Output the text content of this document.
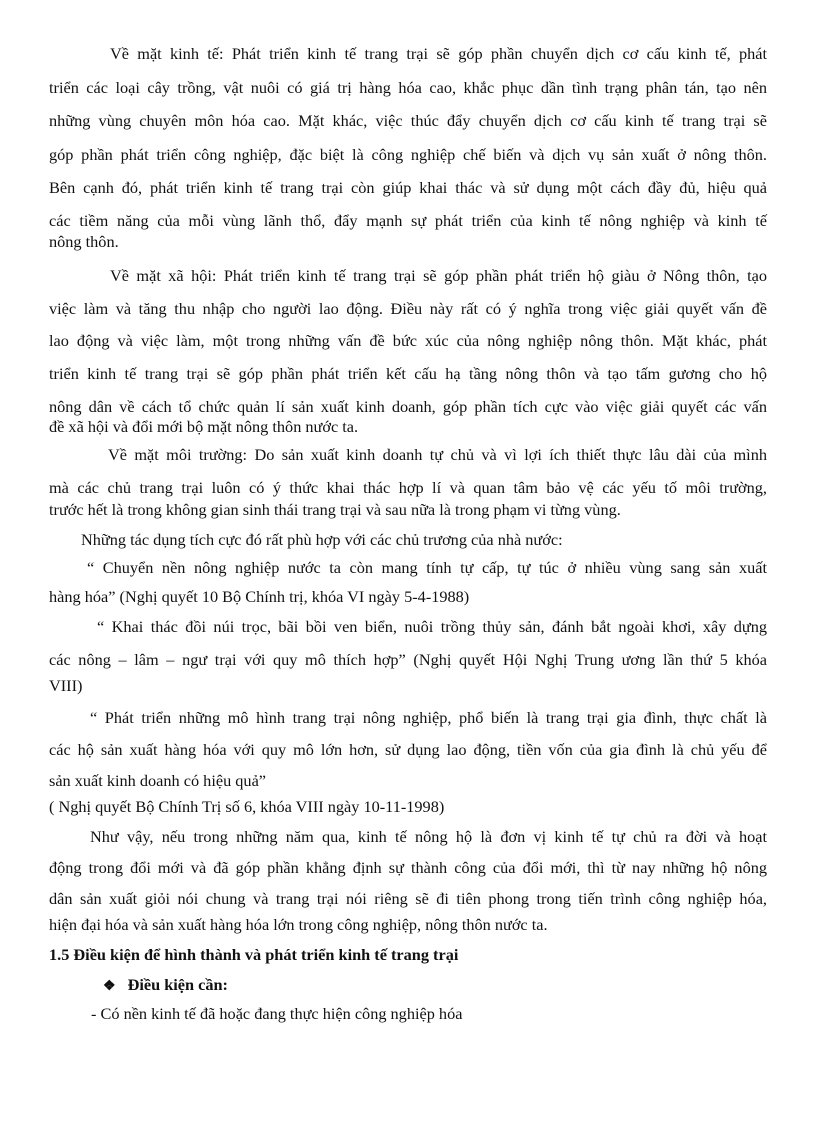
Về mặt kinh tế: Phát triển kinh tế trang trại sẽ góp phần chuyển dịch cơ cấu kinh tế, phát
triển các loại cây trồng, vật nuôi có giá trị hàng hóa cao, khắc phục dần tình trạng phân tán, tạo nên
những vùng chuyên môn hóa cao. Mặt khác, việc thúc đẩy chuyển dịch cơ cấu kinh tế trang trại sẽ
góp phần phát triển công nghiệp, đặc biệt là công nghiệp chế biến và dịch vụ sản xuất ở nông thôn.
Bên cạnh đó, phát triển kinh tế trang trại còn giúp khai thác và sử dụng một cách đầy đủ, hiệu quả
các tiềm năng của mỗi vùng lãnh thổ, đẩy mạnh sự phát triển của kinh tế nông nghiệp và kinh tế
nông thôn.
Về mặt xã hội: Phát triển kinh tế trang trại sẽ góp phần phát triển hộ giàu ở Nông thôn, tạo
việc làm và tăng thu nhập cho người lao động. Điều này rất có ý nghĩa trong việc giải quyết vấn đề
lao động và việc làm, một trong những vấn đề bức xúc của nông nghiệp nông thôn. Mặt khác, phát
triển kinh tế trang trại sẽ góp phần phát triển kết cấu hạ tầng nông thôn và tạo tấm gương cho hộ
nông dân về cách tổ chức quản lí sản xuất kinh doanh, góp phần tích cực vào việc giải quyết các vấn
đề xã hội và đổi mới bộ mặt nông thôn nước ta.
Về mặt môi trường: Do sản xuất kinh doanh tự chủ và vì lợi ích thiết thực lâu dài của mình
mà các chủ trang trại luôn có ý thức khai thác hợp lí và quan tâm bảo vệ các yếu tố môi trường,
trước hết là trong không gian sinh thái trang trại và sau nữa là trong phạm vi từng vùng.
Những tác dụng tích cực đó rất phù hợp với các chủ trương của nhà nước:
“ Chuyển nền nông nghiệp nước ta còn mang tính tự cấp, tự túc ở nhiều vùng sang sản xuất
hàng hóa” (Nghị quyết 10 Bộ Chính trị, khóa VI ngày 5-4-1988)
“ Khai thác đồi núi trọc, bãi bồi ven biển, nuôi trồng thủy sản, đánh bắt ngoài khơi, xây dựng
các nông – lâm – ngư trại với quy mô thích hợp” (Nghị quyết Hội Nghị Trung ương lần thứ 5 khóa
VIII)
“ Phát triển những mô hình trang trại nông nghiệp, phổ biến là trang trại gia đình, thực chất là
các hộ sản xuất hàng hóa với quy mô lớn hơn, sử dụng lao động, tiền vốn của gia đình là chủ yếu để
sản xuất kinh doanh có hiệu quả”
( Nghị quyết Bộ Chính Trị số 6, khóa VIII ngày 10-11-1998)
Như vậy, nếu trong những năm qua, kinh tế nông hộ là đơn vị kinh tế tự chủ ra đời và hoạt
động trong đổi mới và đã góp phần khẳng định sự thành công của đổi mới, thì từ nay những hộ nông
dân sản xuất giỏi nói chung và trang trại nói riêng sẽ đi tiên phong trong tiến trình công nghiệp hóa,
hiện đại hóa và sản xuất hàng hóa lớn trong công nghiệp, nông thôn nước ta.
1.5 Điều kiện để hình thành và phát triển kinh tế trang trại
❖ Điều kiện cần:
- Có nền kinh tế đã hoặc đang thực hiện công nghiệp hóa
